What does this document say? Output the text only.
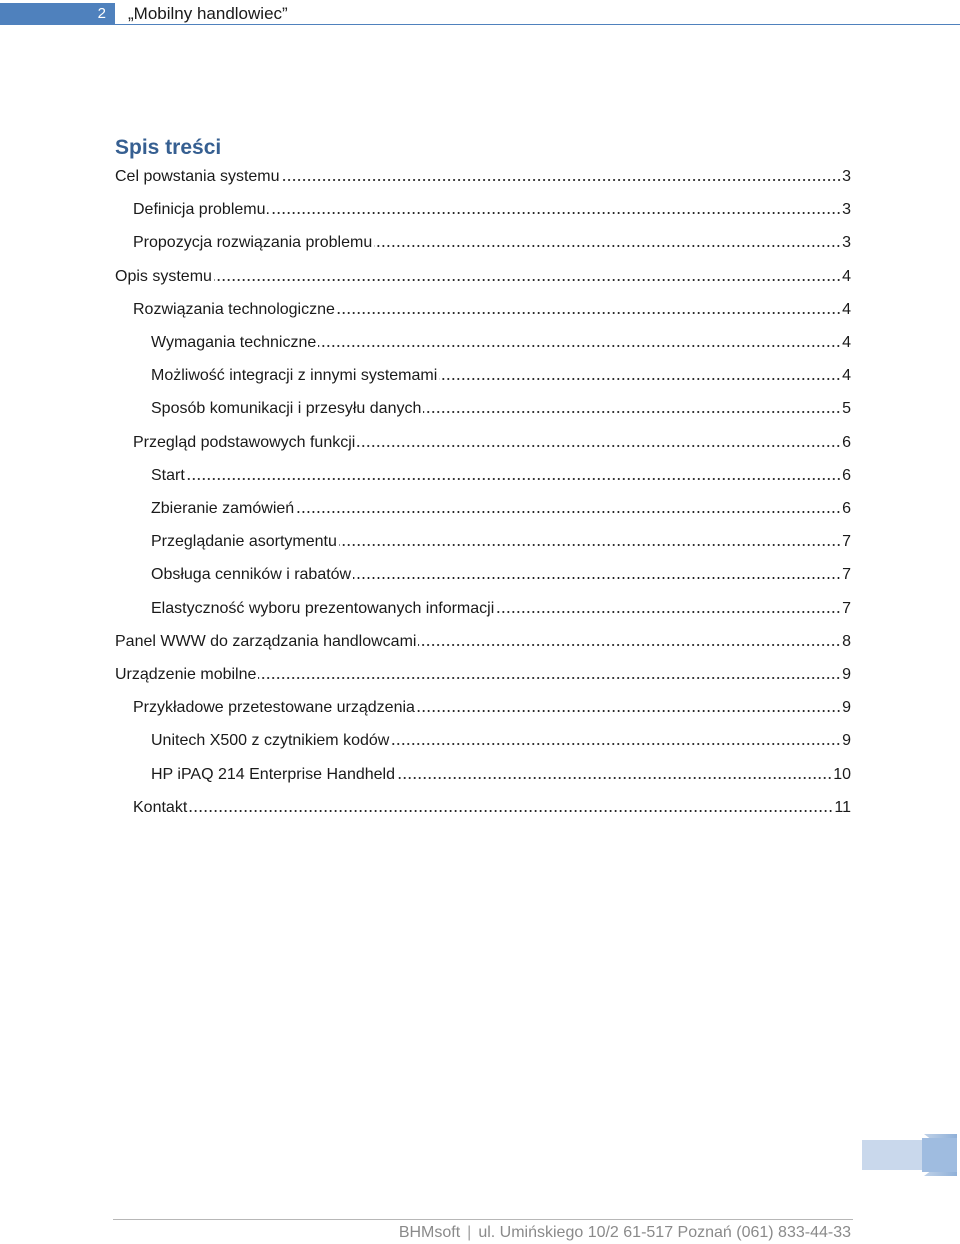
2 „Mobilny handlowiec”
Spis treści
Cel powstania systemu	3
Definicja problemu.	3
Propozycja rozwiązania problemu	3
Opis systemu	4
Rozwiązania technologiczne	4
Wymagania techniczne	4
Możliwość integracji z innymi systemami	4
Sposób komunikacji i przesyłu danych	5
Przegląd podstawowych funkcji	6
Start	6
Zbieranie zamówień	6
Przeglądanie asortymentu	7
Obsługa cenników i rabatów	7
Elastyczność wyboru prezentowanych informacji	7
Panel WWW do zarządzania handlowcami	8
Urządzenie mobilne	9
Przykładowe przetestowane urządzenia	9
Unitech X500 z czytnikiem kodów	9
HP iPAQ 214 Enterprise Handheld	10
Kontakt	11
BHMsoft | ul. Umińskiego 10/2 61-517 Poznań (061) 833-44-33
